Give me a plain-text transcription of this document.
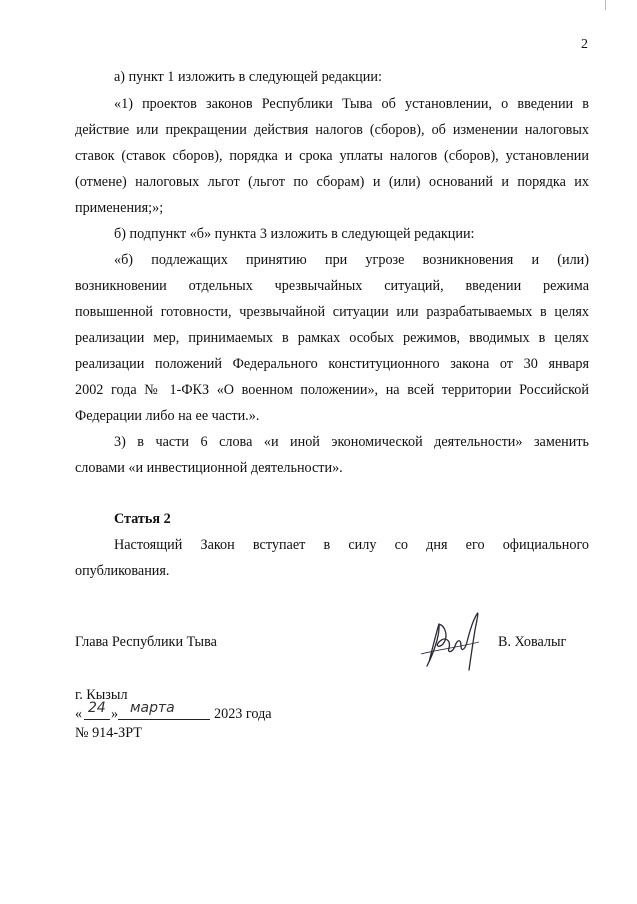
2
а) пункт 1 изложить в следующей редакции:
«1) проектов законов Республики Тыва об установлении, о введении в
действие или прекращении действия налогов (сборов), об изменении налоговых
ставок (ставок сборов), порядка и срока уплаты налогов (сборов), установлении
(отмене) налоговых льгот (льгот по сборам) и (или) оснований и порядка их
применения;»;
б) подпункт «б» пункта 3 изложить в следующей редакции:
«б) подлежащих принятию при угрозе возникновения и (или)
возникновении отдельных чрезвычайных ситуаций, введении режима
повышенной готовности, чрезвычайной ситуации или разрабатываемых в целях
реализации мер, принимаемых в рамках особых режимов, вводимых в целях
реализации положений Федерального конституционного закона от 30 января
2002 года № 1-ФКЗ «О военном положении», на всей территории Российской
Федерации либо на ее части.».
3) в части 6 слова «и иной экономической деятельности» заменить
словами «и инвестиционной деятельности».
Статья 2
Настоящий Закон вступает в силу со дня его официального
опубликования.
Глава Республики Тыва	В. Ховалыг
г. Кызыл
« 24 » марта	2023 года
№ 914-ЗРТ
